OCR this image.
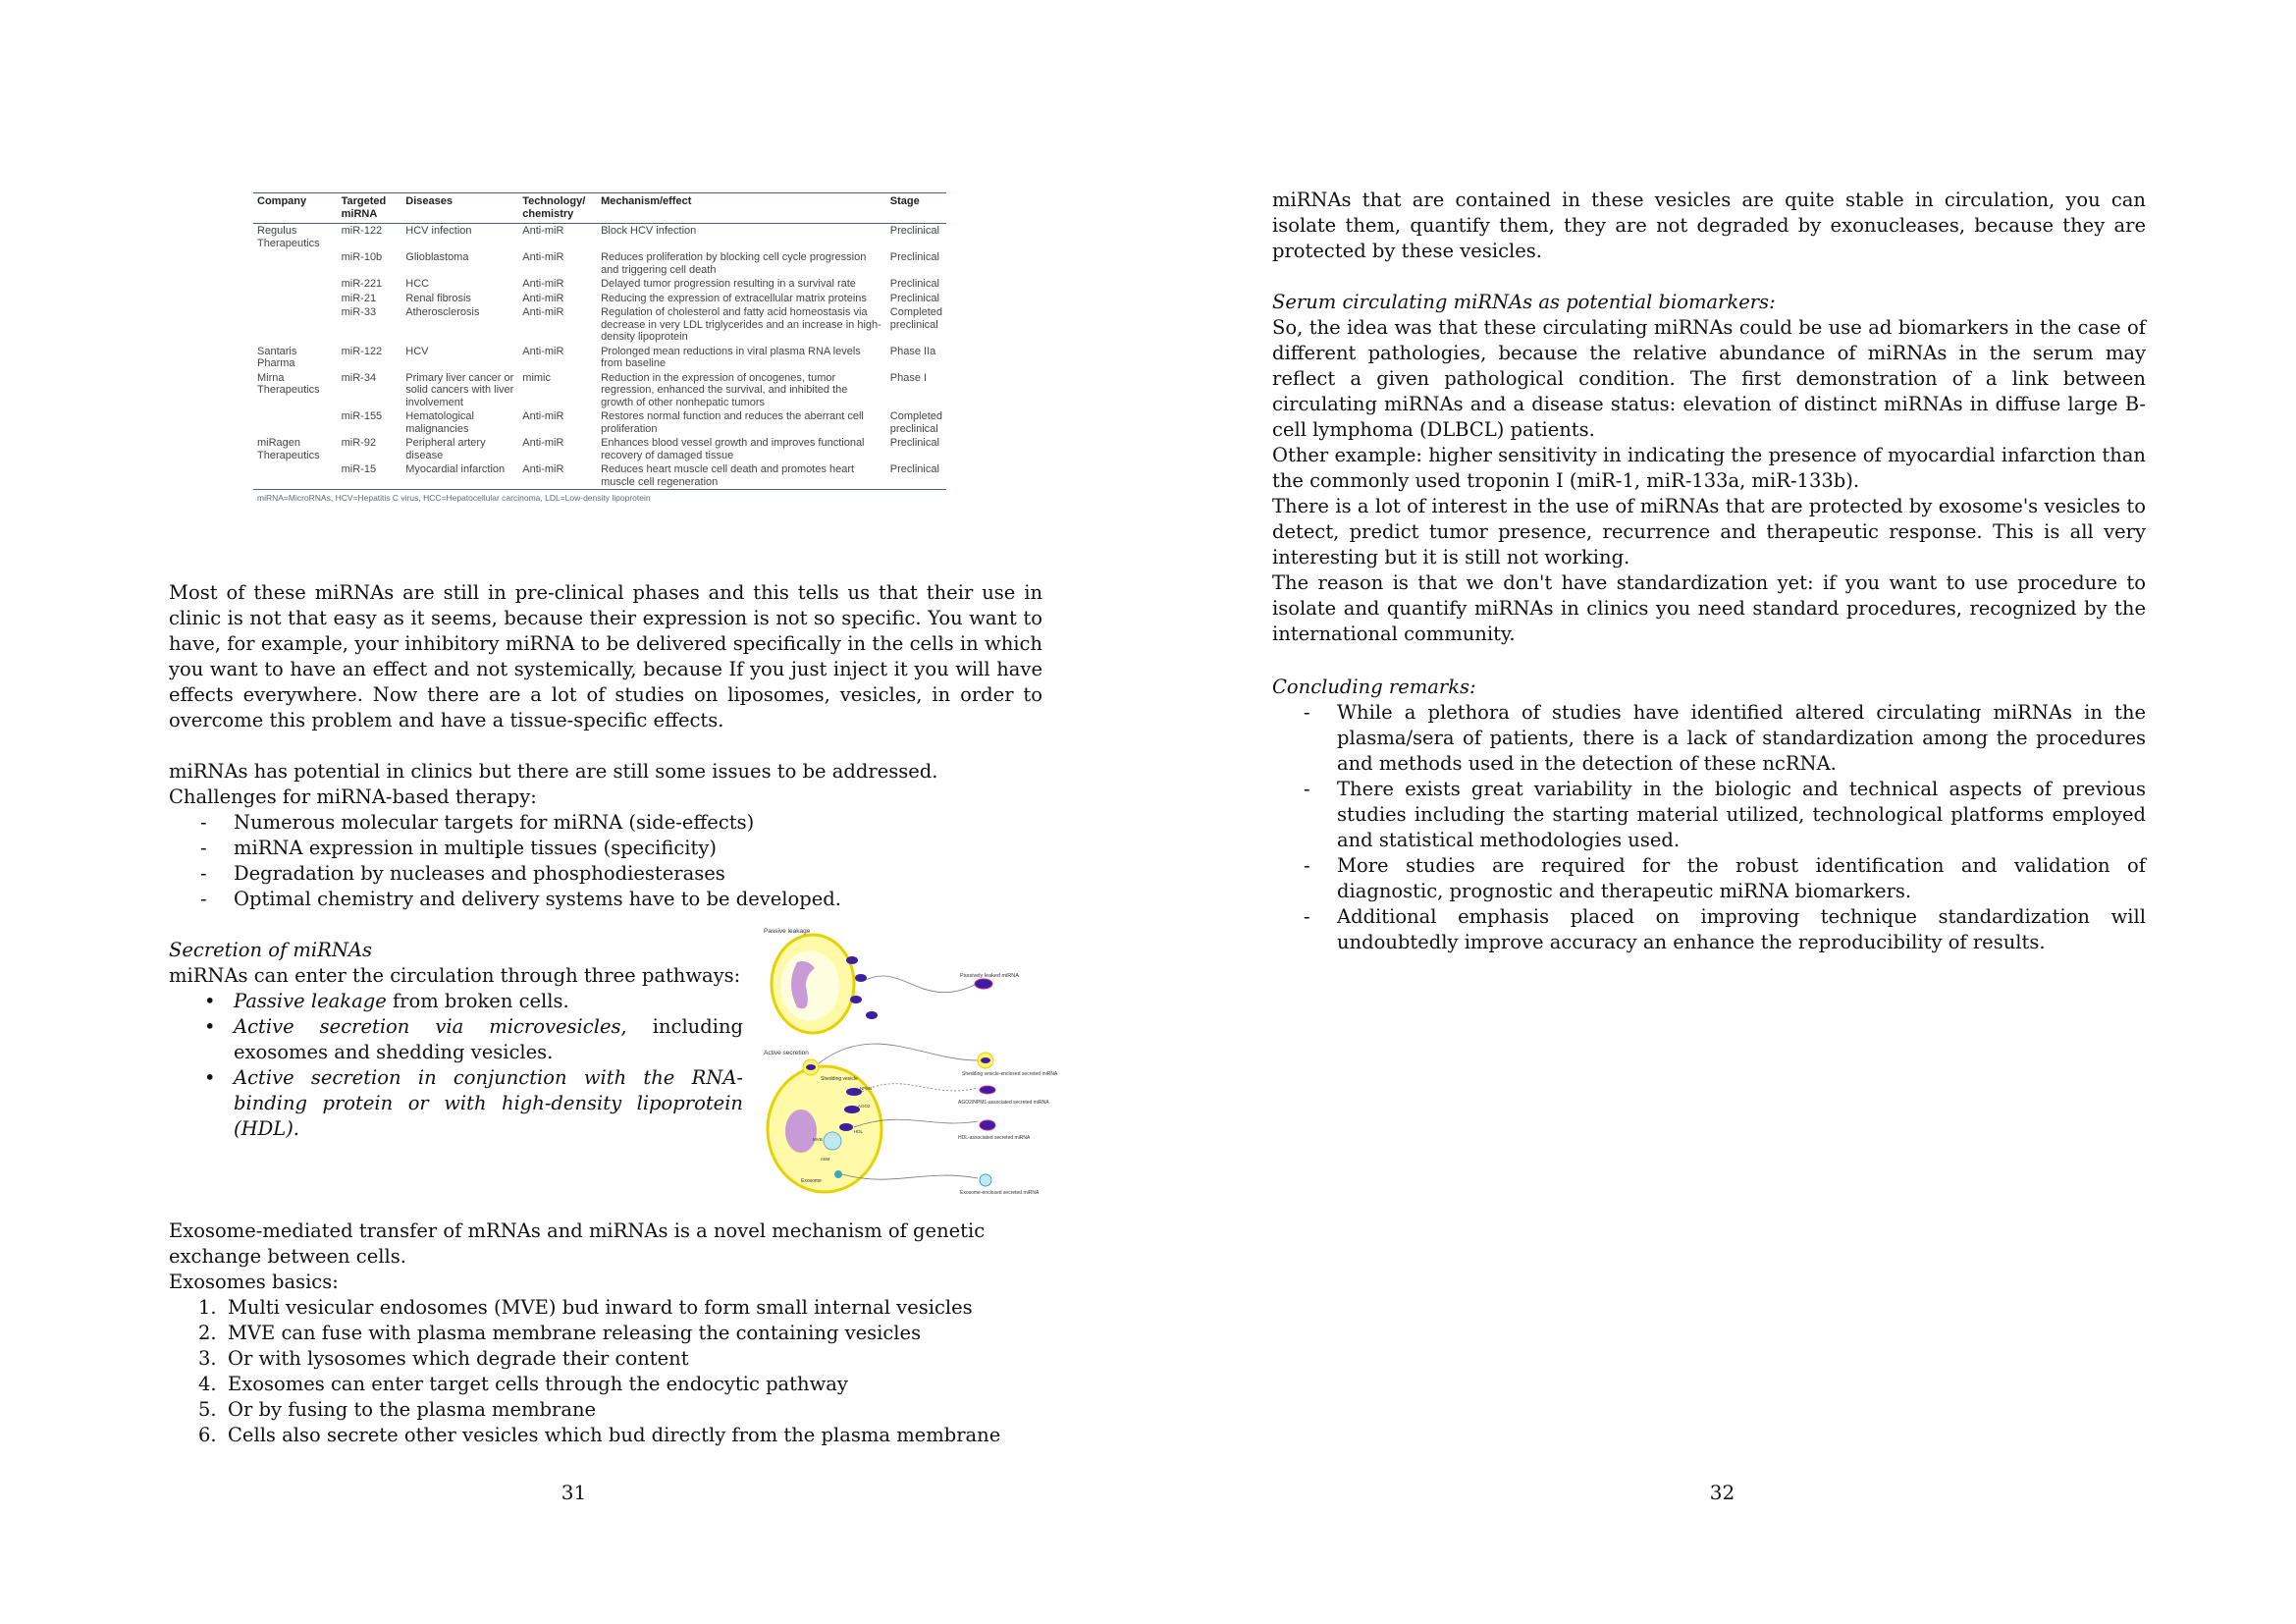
Company	Targeted miRNA	Diseases	Technology/ chemistry	Mechanism/effect	Stage
Regulus Therapeutics	miR-122	HCV infection	Anti-miR	Block HCV infection	Preclinical
	miR-10b	Glioblastoma	Anti-miR	Reduces proliferation by blocking cell cycle progression and triggering cell death	Preclinical
	miR-221	HCC	Anti-miR	Delayed tumor progression resulting in a survival rate	Preclinical
	miR-21	Renal fibrosis	Anti-miR	Reducing the expression of extracellular matrix proteins	Preclinical
	miR-33	Atherosclerosis	Anti-miR	Regulation of cholesterol and fatty acid homeostasis via decrease in very LDL triglycerides and an increase in high-density lipoprotein	Completed preclinical
Santaris Pharma	miR-122	HCV	Anti-miR	Prolonged mean reductions in viral plasma RNA levels from baseline	Phase IIa
Mirna Therapeutics	miR-34	Primary liver cancer or solid cancers with liver involvement	mimic	Reduction in the expression of oncogenes, tumor regression, enhanced the survival, and inhibited the growth of other nonhepatic tumors	Phase I
	miR-155	Hematological malignancies	Anti-miR	Restores normal function and reduces the aberrant cell proliferation	Completed preclinical
miRagen Therapeutics	miR-92	Peripheral artery disease	Anti-miR	Enhances blood vessel growth and improves functional recovery of damaged tissue	Preclinical
	miR-15	Myocardial infarction	Anti-miR	Reduces heart muscle cell death and promotes heart muscle cell regeneration	Preclinical
miRNA=MicroRNAs, HCV=Hepatitis C virus, HCC=Hepatocellular carcinoma, LDL=Low-density lipoprotein					

Most of these miRNAs are still in pre-clinical phases and this tells us that their use in clinic is not that easy as it seems, because their expression is not so specific. You want to have, for example, your inhibitory miRNA to be delivered specifically in the cells in which you want to have an effect and not systemically, because If you just inject it you will have effects everywhere. Now there are a lot of studies on liposomes, vesicles, in order to overcome this problem and have a tissue-specific effects.

miRNAs has potential in clinics but there are still some issues to be addressed.

Challenges for miRNA-based therapy:

- Numerous molecular targets for miRNA (side-effects)
- miRNA expression in multiple tissues (specificity)
- Degradation by nucleases and phosphodiesterases
- Optimal chemistry and delivery systems have to be developed.

Secretion of miRNAs

miRNAs can enter the circulation through three pathways:

• Passive leakage from broken cells.
• Active secretion via microvesicles, including exosomes and shedding vesicles.
• Active secretion in conjunction with the RNA-binding protein or with high-density lipoprotein (HDL).
Passive leakage
Passively leaked miRNA
Active secretion
Shedding vesicle
NPM1
AGO2
HDL
MVB
nSM
Exosome
Shedding vesicle-enclosed secreted miRNA
AGO2/NPM1-associated secreted miRNA
HDL-associated secreted miRNA
Exosome-enclosed secreted miRNA

Exosome-mediated transfer of mRNAs and miRNAs is a novel mechanism of genetic exchange between cells.

Exosomes basics:

1. Multi vesicular endosomes (MVE) bud inward to form small internal vesicles
2. MVE can fuse with plasma membrane releasing the containing vesicles
3. Or with lysosomes which degrade their content
4. Exosomes can enter target cells through the endocytic pathway
5. Or by fusing to the plasma membrane
6. Cells also secrete other vesicles which bud directly from the plasma membrane
31

miRNAs that are contained in these vesicles are quite stable in circulation, you can isolate them, quantify them, they are not degraded by exonucleases, because they are protected by these vesicles.

Serum circulating miRNAs as potential biomarkers:

So, the idea was that these circulating miRNAs could be use ad biomarkers in the case of different pathologies, because the relative abundance of miRNAs in the serum may reflect a given pathological condition. The first demonstration of a link between circulating miRNAs and a disease status: elevation of distinct miRNAs in diffuse large B-cell lymphoma (DLBCL) patients.

Other example: higher sensitivity in indicating the presence of myocardial infarction than the commonly used troponin I (miR-1, miR-133a, miR-133b).

There is a lot of interest in the use of miRNAs that are protected by exosome's vesicles to detect, predict tumor presence, recurrence and therapeutic response. This is all very interesting but it is still not working.

The reason is that we don't have standardization yet: if you want to use procedure to isolate and quantify miRNAs in clinics you need standard procedures, recognized by the international community.

Concluding remarks:

- While a plethora of studies have identified altered circulating miRNAs in the plasma/sera of patients, there is a lack of standardization among the procedures and methods used in the detection of these ncRNA.
- There exists great variability in the biologic and technical aspects of previous studies including the starting material utilized, technological platforms employed and statistical methodologies used.
- More studies are required for the robust identification and validation of diagnostic, prognostic and therapeutic miRNA biomarkers.
- Additional emphasis placed on improving technique standardization will undoubtedly improve accuracy an enhance the reproducibility of results.
32
